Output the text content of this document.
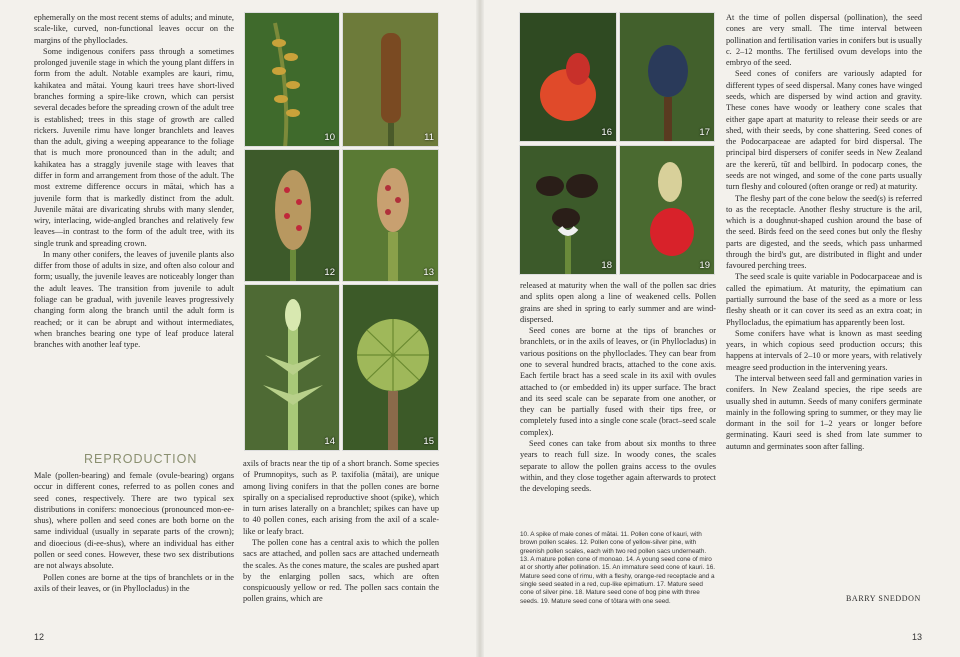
ephemerally on the most recent stems of adults; and minute, scale-like, curved, non-functional leaves occur on the margins of the phylloclades.

Some indigenous conifers pass through a sometimes prolonged juvenile stage in which the young plant differs in form from the adult. Notable examples are kauri, rimu, kahikatea and mātai. Young kauri trees have short-lived branches forming a spire-like crown, which can persist several decades before the spreading crown of the adult tree is established; trees in this stage of growth are called rickers. Juvenile rimu have longer branchlets and leaves than the adult, giving a weeping appearance to the foliage that is much more pronounced than in the adult; and kahikatea has a straggly juvenile stage with leaves that differ in form and arrangement from those of the adult. The most extreme difference occurs in mātai, which has a juvenile form that is markedly distinct from the adult. Juvenile mātai are divaricating shrubs with many slender, wiry, interlacing, wide-angled branches and relatively few leaves—in contrast to the form of the adult tree, with its single trunk and spreading crown.

In many other conifers, the leaves of juvenile plants also differ from those of adults in size, and often also colour and form; usually, the juvenile leaves are noticeably longer than the adult leaves. The transition from juvenile to adult foliage can be gradual, with juvenile leaves progressively changing form along the branch until the adult form is reached; or it can be abrupt and without intermediates, when branches bearing one type of leaf produce lateral branches with another leaf type.

REPRODUCTION

Male (pollen-bearing) and female (ovule-bearing) organs occur in different cones, referred to as pollen cones and seed cones, respectively. There are two typical sex distributions in conifers: monoecious (pronounced mon-ee-shus), where pollen and seed cones are both borne on the same individual (usually in separate parts of the crown); and dioecious (di-ee-shus), where an individual has either pollen or seed cones. However, these two sex distributions are not always absolute.

Pollen cones are borne at the tips of branchlets or in the axils of their leaves, or (in Phyllocladus) in the

axils of bracts near the tip of a short branch. Some species of Prumnopitys, such as P. taxifolia (mātai), are unique among living conifers in that the pollen cones are borne spirally on a specialised reproductive shoot (spike), which in turn arises laterally on a branchlet; spikes can have up to 40 pollen cones, each arising from the axil of a scale-like or leafy bract.

The pollen cone has a central axis to which the pollen sacs are attached, and pollen sacs are attached underneath the scales. As the cones mature, the scales are pushed apart by the enlarging pollen sacs, which are often conspicuously yellow or red. The pollen sacs contain the pollen grains, which are

10	11
12	13
14	15
16	17
18	19

released at maturity when the wall of the pollen sac dries and splits open along a line of weakened cells. Pollen grains are shed in spring to early summer and are wind-dispersed.

Seed cones are borne at the tips of branches or branchlets, or in the axils of leaves, or (in Phyllocladus) in various positions on the phylloclades. They can bear from one to several hundred bracts, attached to the cone axis. Each fertile bract has a seed scale in its axil with ovules attached to (or embedded in) its upper surface. The bract and its seed scale can be separate from one another, or they can be partially fused with their tips free, or completely fused into a single cone scale (bract–seed scale complex).

Seed cones can take from about six months to three years to reach full size. In woody cones, the scales separate to allow the pollen grains access to the ovules within, and they close together again afterwards to protect the developing seeds.

10. A spike of male cones of mātai. 11. Pollen cone of kauri, with brown pollen scales. 12. Pollen cone of yellow-silver pine, with greenish pollen scales, each with two red pollen sacs underneath. 13. A mature pollen cone of monoao. 14. A young seed cone of miro at or shortly after pollination. 15. An immature seed cone of kauri. 16. Mature seed cone of rimu, with a fleshy, orange-red receptacle and a single seed seated in a red, cup-like epimatium. 17. Mature seed cone of silver pine. 18. Mature seed cone of bog pine with three seeds. 19. Mature seed cone of tōtara with one seed.

At the time of pollen dispersal (pollination), the seed cones are very small. The time interval between pollination and fertilisation varies in conifers but is usually c. 2–12 months. The fertilised ovum develops into the embryo of the seed.

Seed cones of conifers are variously adapted for different types of seed dispersal. Many cones have winged seeds, which are dispersed by wind action and gravity. These cones have woody or leathery cone scales that either gape apart at maturity to release their seeds or are shed, with their seeds, by cone shattering. Seed cones of the Podocarpaceae are adapted for bird dispersal. The principal bird dispersers of conifer seeds in New Zealand are the kererū, tūī and bellbird. In podocarp cones, the seeds are not winged, and some of the cone parts usually turn fleshy and coloured (often orange or red) at maturity.

The fleshy part of the cone below the seed(s) is referred to as the receptacle. Another fleshy structure is the aril, which is a doughnut-shaped cushion around the base of the seed. Birds feed on the seed cones but only the fleshy parts are digested, and the seeds, which pass unharmed through the bird's gut, are distributed in flight and under favoured perching trees.

The seed scale is quite variable in Podocarpaceae and is called the epimatium. At maturity, the epimatium can partially surround the base of the seed as a more or less fleshy sheath or it can cover its seed as an extra coat; in Phyllocladus, the epimatium has apparently been lost.

Some conifers have what is known as mast seeding years, in which copious seed production occurs; this happens at intervals of 2–10 or more years, with relatively meagre seed production in the intervening years.

The interval between seed fall and germination varies in conifers. In New Zealand species, the ripe seeds are usually shed in autumn. Seeds of many conifers germinate mainly in the following spring to summer, or they may lie dormant in the soil for 1–2 years or longer before germinating. Kauri seed is shed from late summer to autumn and germinates soon after falling.

BARRY SNEDDON
12	13
